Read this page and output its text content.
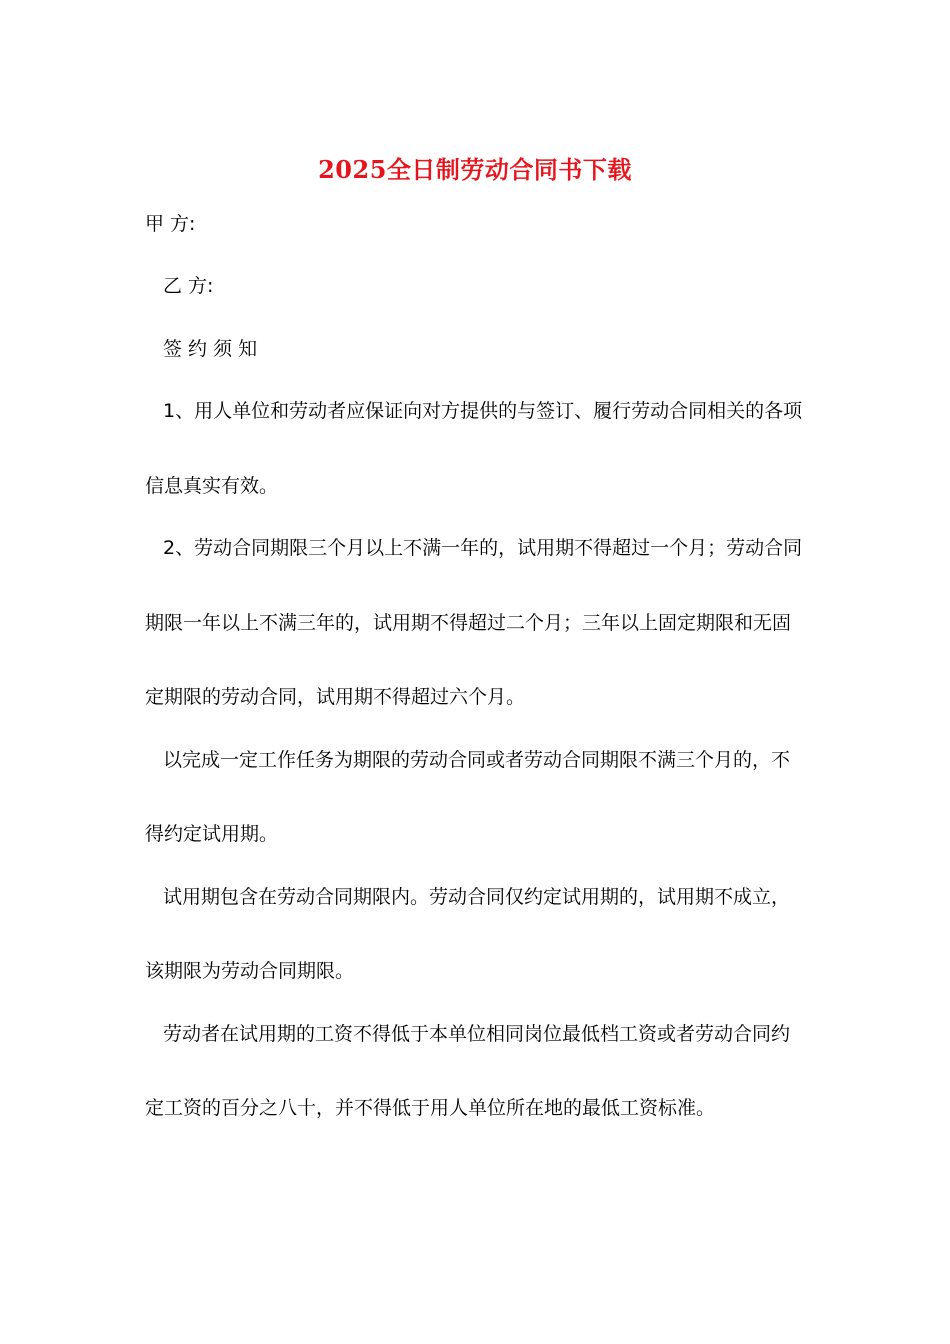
2025全日制劳动合同书下载
甲 方:
乙 方:
签 约 须 知
1、用人单位和劳动者应保证向对方提供的与签订、履行劳动合同相关的各项
信息真实有效。
2、劳动合同期限三个月以上不满一年的，试用期不得超过一个月；劳动合同
期限一年以上不满三年的，试用期不得超过二个月；三年以上固定期限和无固
定期限的劳动合同，试用期不得超过六个月。
以完成一定工作任务为期限的劳动合同或者劳动合同期限不满三个月的，不
得约定试用期。
试用期包含在劳动合同期限内。劳动合同仅约定试用期的，试用期不成立，
该期限为劳动合同期限。
劳动者在试用期的工资不得低于本单位相同岗位最低档工资或者劳动合同约
定工资的百分之八十，并不得低于用人单位所在地的最低工资标准。
